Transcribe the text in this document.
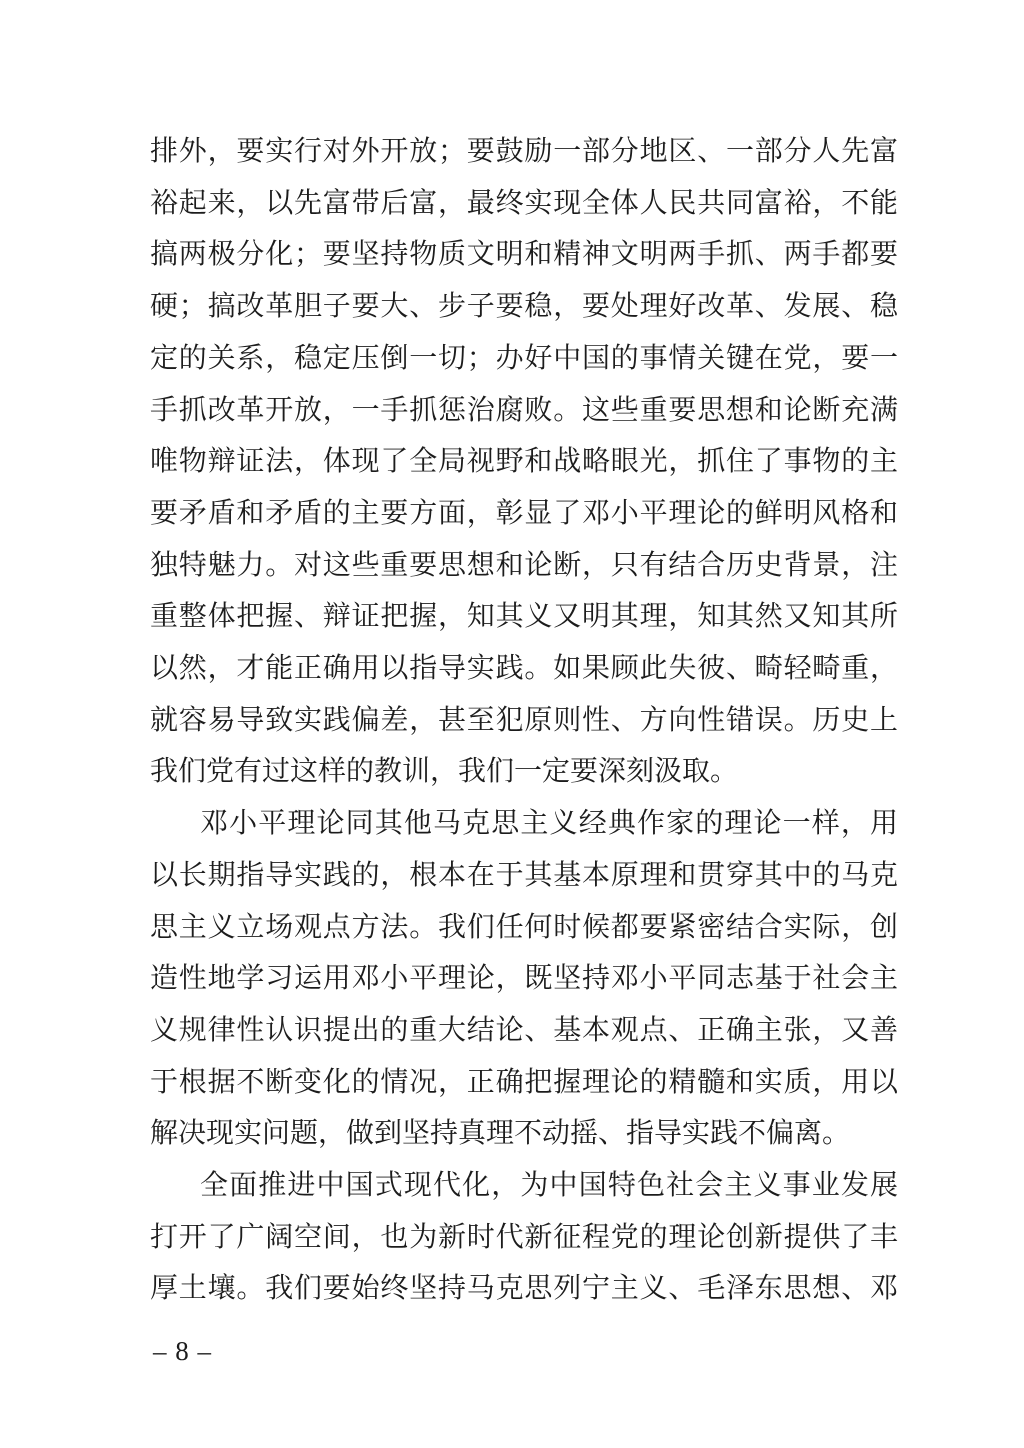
排外，要实行对外开放；要鼓励一部分地区、一部分人先富
裕起来，以先富带后富，最终实现全体人民共同富裕，不能
搞两极分化；要坚持物质文明和精神文明两手抓、两手都要
硬；搞改革胆子要大、步子要稳，要处理好改革、发展、稳
定的关系，稳定压倒一切；办好中国的事情关键在党，要一
手抓改革开放，一手抓惩治腐败。这些重要思想和论断充满
唯物辩证法，体现了全局视野和战略眼光，抓住了事物的主
要矛盾和矛盾的主要方面，彰显了邓小平理论的鲜明风格和
独特魅力。对这些重要思想和论断，只有结合历史背景，注
重整体把握、辩证把握，知其义又明其理，知其然又知其所
以然，才能正确用以指导实践。如果顾此失彼、畸轻畸重，
就容易导致实践偏差，甚至犯原则性、方向性错误。历史上
我们党有过这样的教训，我们一定要深刻汲取。
邓小平理论同其他马克思主义经典作家的理论一样，用
以长期指导实践的，根本在于其基本原理和贯穿其中的马克
思主义立场观点方法。我们任何时候都要紧密结合实际，创
造性地学习运用邓小平理论，既坚持邓小平同志基于社会主
义规律性认识提出的重大结论、基本观点、正确主张，又善
于根据不断变化的情况，正确把握理论的精髓和实质，用以
解决现实问题，做到坚持真理不动摇、指导实践不偏离。
全面推进中国式现代化，为中国特色社会主义事业发展
打开了广阔空间，也为新时代新征程党的理论创新提供了丰
厚土壤。我们要始终坚持马克思列宁主义、毛泽东思想、邓
– 8 –
